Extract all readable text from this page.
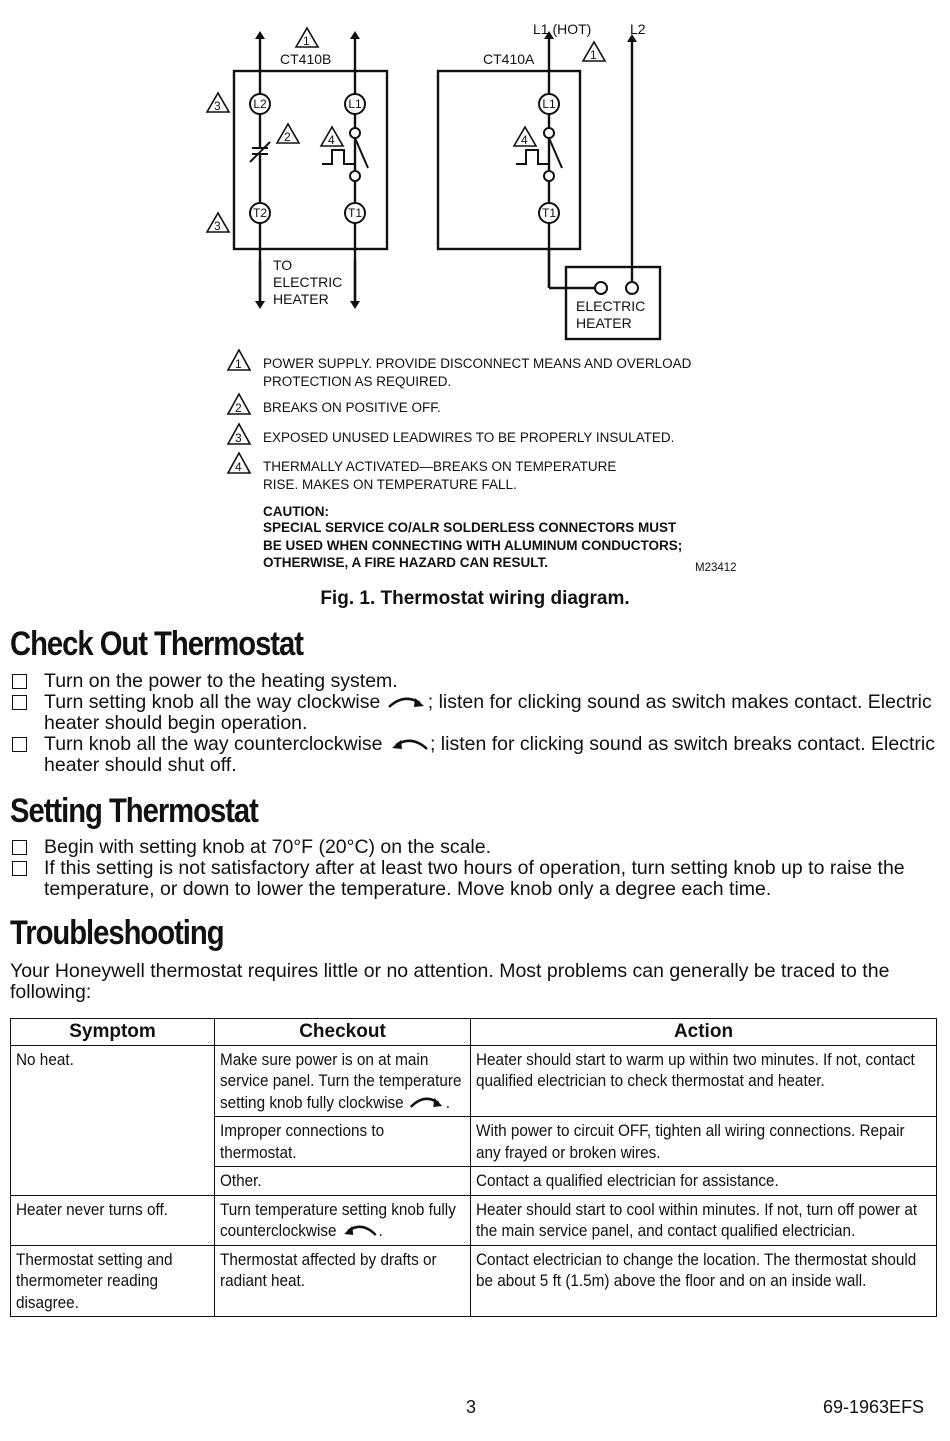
1
1
3
3
2	4	4
1
2
3
4
L2	L1
T2	T1
L1
T1
CT410B	CT410A
L1 (HOT)	L2
TO
ELECTRIC
HEATER	ELECTRIC
HEATER
POWER SUPPLY. PROVIDE DISCONNECT MEANS AND OVERLOAD
PROTECTION AS REQUIRED.
BREAKS ON POSITIVE OFF.
EXPOSED UNUSED LEADWIRES TO BE PROPERLY INSULATED.
THERMALLY ACTIVATED—BREAKS ON TEMPERATURE
RISE. MAKES ON TEMPERATURE FALL.
CAUTION:
SPECIAL SERVICE CO/ALR SOLDERLESS CONNECTORS MUST
BE USED WHEN CONNECTING WITH ALUMINUM CONDUCTORS;
OTHERWISE, A FIRE HAZARD CAN RESULT.	M23412
Fig. 1. Thermostat wiring diagram.
Check Out Thermostat
Turn on the power to the heating system.
Turn setting knob all the way clockwise ; listen for clicking sound as switch makes contact. Electric heater should begin operation.
Turn knob all the way counterclockwise ; listen for clicking sound as switch breaks contact. Electric heater should shut off.
Setting Thermostat
Begin with setting knob at 70°F (20°C) on the scale.
If this setting is not satisfactory after at least two hours of operation, turn setting knob up to raise the temperature, or down to lower the temperature. Move knob only a degree each time.
Troubleshooting
Your Honeywell thermostat requires little or no attention. Most problems can generally be traced to the following:
Symptom	Checkout	Action
No heat.	Make sure power is on at main service panel. Turn the temperature setting knob fully clockwise .	Heater should start to warm up within two minutes. If not, contact qualified electrician to check thermostat and heater.
	Improper connections to thermostat.	With power to circuit OFF, tighten all wiring connections. Repair any frayed or broken wires.
	Other.	Contact a qualified electrician for assistance.
Heater never turns off.	Turn temperature setting knob fully counterclockwise .	Heater should start to cool within minutes. If not, turn off power at the main service panel, and contact qualified electrician.
Thermostat setting and thermometer reading disagree.	Thermostat affected by drafts or radiant heat.	Contact electrician to change the location. The thermostat should be about 5 ft (1.5m) above the floor and on an inside wall.
3	69-1963EFS
